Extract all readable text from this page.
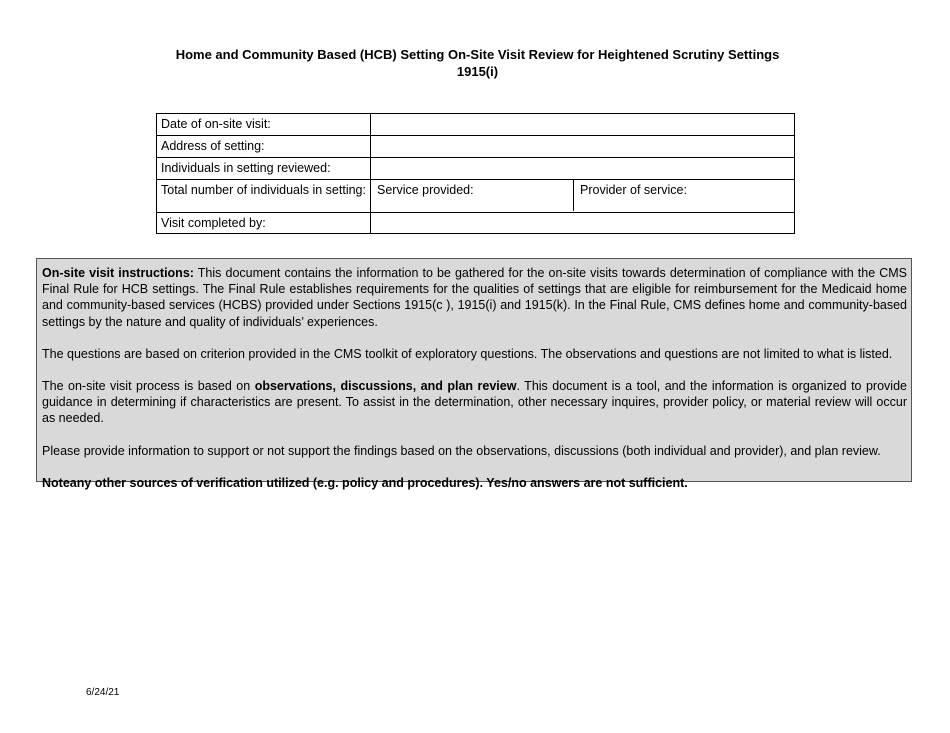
Home and Community Based (HCB) Setting On-Site Visit Review for Heightened Scrutiny Settings
1915(i)
Date of on-site visit:	
Address of setting:	
Individuals in setting reviewed:	
Total number of individuals in setting:	Service provided: Provider of service:

Visit completed by:	

On-site visit instructions: This document contains the information to be gathered for the on-site visits towards determination of compliance with the CMS Final Rule for HCB settings. The Final Rule establishes requirements for the qualities of settings that are eligible for reimbursement for the Medicaid home and community-based services (HCBS) provided under Sections 1915(c ), 1915(i) and 1915(k). In the Final Rule, CMS defines home and community-based settings by the nature and quality of individuals’ experiences.

The questions are based on criterion provided in the CMS toolkit of exploratory questions. The observations and questions are not limited to what is listed.

The on-site visit process is based on observations, discussions, and plan review. This document is a tool, and the information is organized to provide guidance in determining if characteristics are present. To assist in the determination, other necessary inquires, provider policy, or material review will occur as needed.

Please provide information to support or not support the findings based on the observations, discussions (both individual and provider), and plan review.

Noteany other sources of verification utilized (e.g. policy and procedures). Yes/no answers are not sufficient.

6/24/21
